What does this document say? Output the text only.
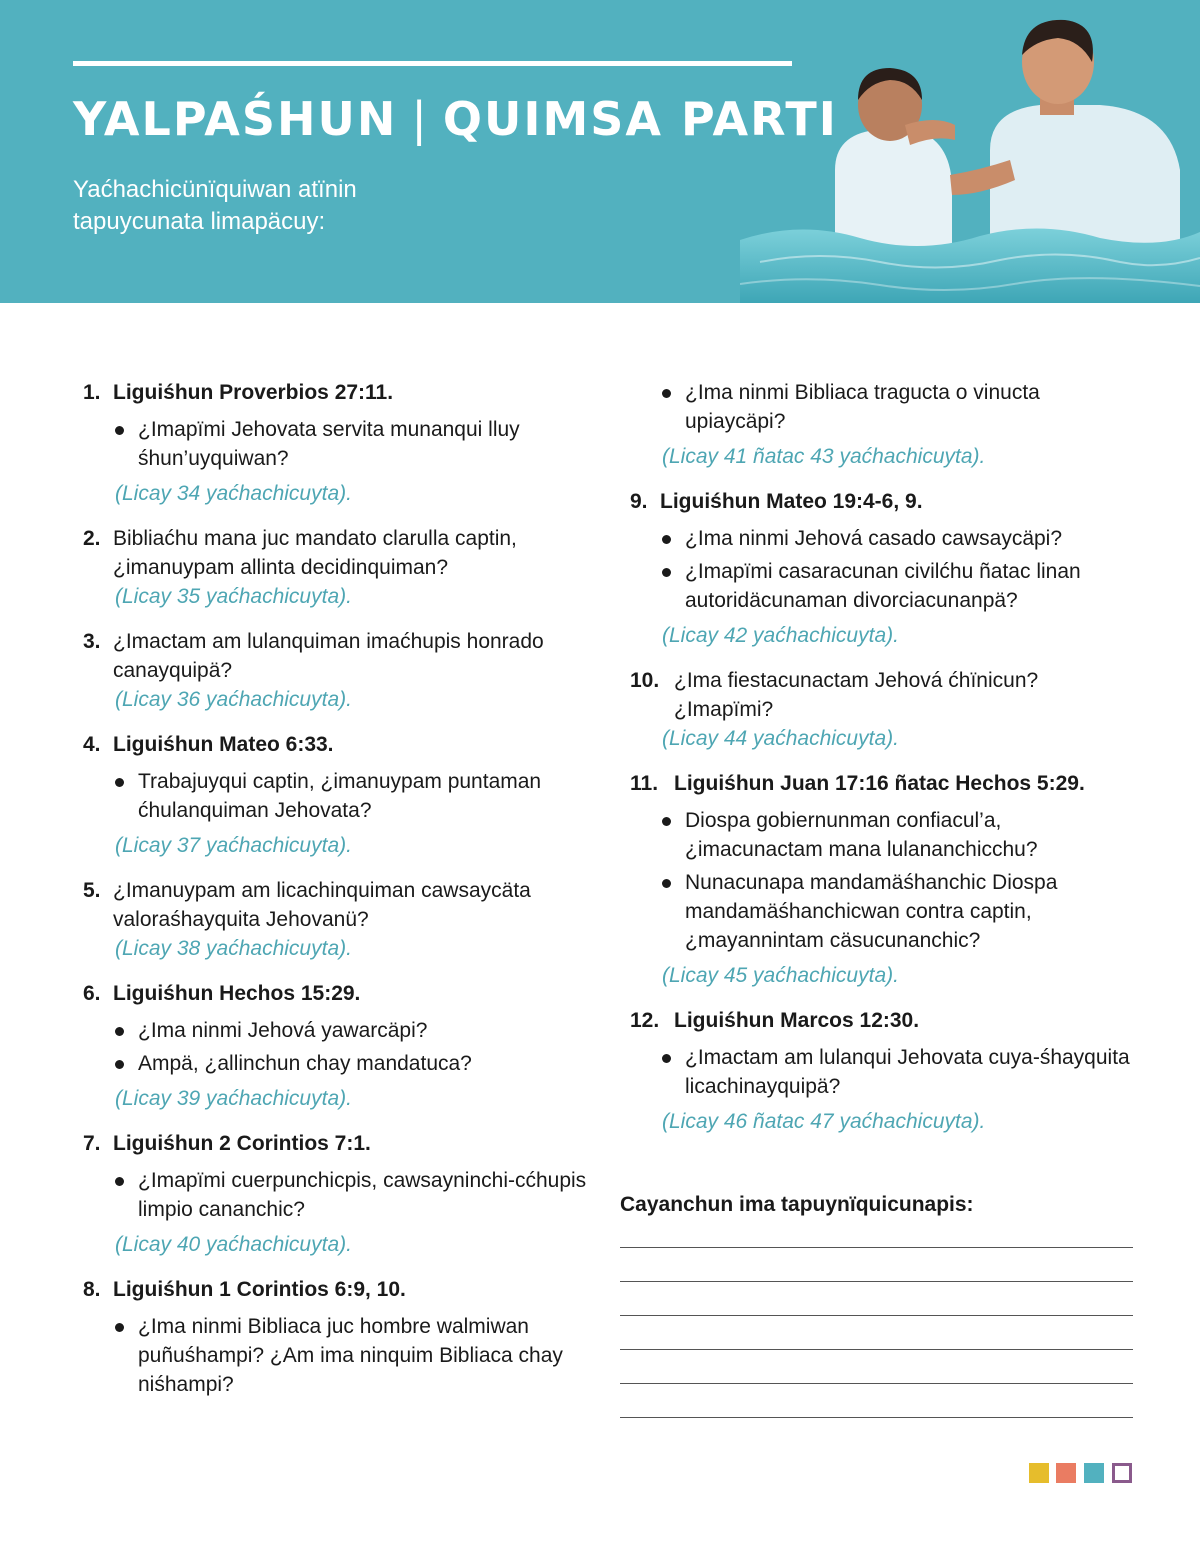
YALPAŚHUN | QUIMSA PARTI

Yaćhachicünïquiwan atïnin tapuycunata limapäcuy:

1. Liguiśhun Proverbios 27:11.
¿Imapïmi Jehovata servita munanqui lluy śhun’uyquiwan?
(Licay 34 yaćhachicuyta).
2. Bibliaćhu mana juc mandato clarulla captin, ¿imanuypam allinta decidinquiman?
(Licay 35 yaćhachicuyta).
3. ¿Imactam am lulanquiman imaćhupis honrado canayquipä?
(Licay 36 yaćhachicuyta).
4. Liguiśhun Mateo 6:33.
Trabajuyqui captin, ¿imanuypam puntaman ćhulanquiman Jehovata?
(Licay 37 yaćhachicuyta).
5. ¿Imanuypam am licachinquiman cawsaycäta valoraśhayquita Jehovanü?
(Licay 38 yaćhachicuyta).
6. Liguiśhun Hechos 15:29.
¿Ima ninmi Jehová yawarcäpi?
Ampä, ¿allinchun chay mandatuca?
(Licay 39 yaćhachicuyta).
7. Liguiśhun 2 Corintios 7:1.
¿Imapïmi cuerpunchicpis, cawsayninchi-cćhupis limpio cananchic?
(Licay 40 yaćhachicuyta).
8. Liguiśhun 1 Corintios 6:9, 10.
¿Ima ninmi Bibliaca juc hombre walmiwan puñuśhampi? ¿Am ima ninquim Bibliaca chay niśhampi?
¿Ima ninmi Bibliaca tragucta o vinucta upiaycäpi?
(Licay 41 ñatac 43 yaćhachicuyta).
9. Liguiśhun Mateo 19:4-6, 9.
¿Ima ninmi Jehová casado cawsaycäpi?
¿Imapïmi casaracunan civilćhu ñatac linan autoridäcunaman divorciacunanpä?
(Licay 42 yaćhachicuyta).
10. ¿Ima fiestacunactam Jehová ćhïnicun? ¿Imapïmi?
(Licay 44 yaćhachicuyta).
11. Liguiśhun Juan 17:16 ñatac Hechos 5:29.
Diospa gobiernunman confiacul’a, ¿imacunactam mana lulananchicchu?
Nunacunapa mandamäśhanchic Diospa mandamäśhanchicwan contra captin, ¿mayannintam cäsucunanchic?
(Licay 45 yaćhachicuyta).
12. Liguiśhun Marcos 12:30.
¿Imactam am lulanqui Jehovata cuya-śhayquita licachinayquipä?
(Licay 46 ñatac 47 yaćhachicuyta).
Cayanchun ima tapuynïquicunapis:
